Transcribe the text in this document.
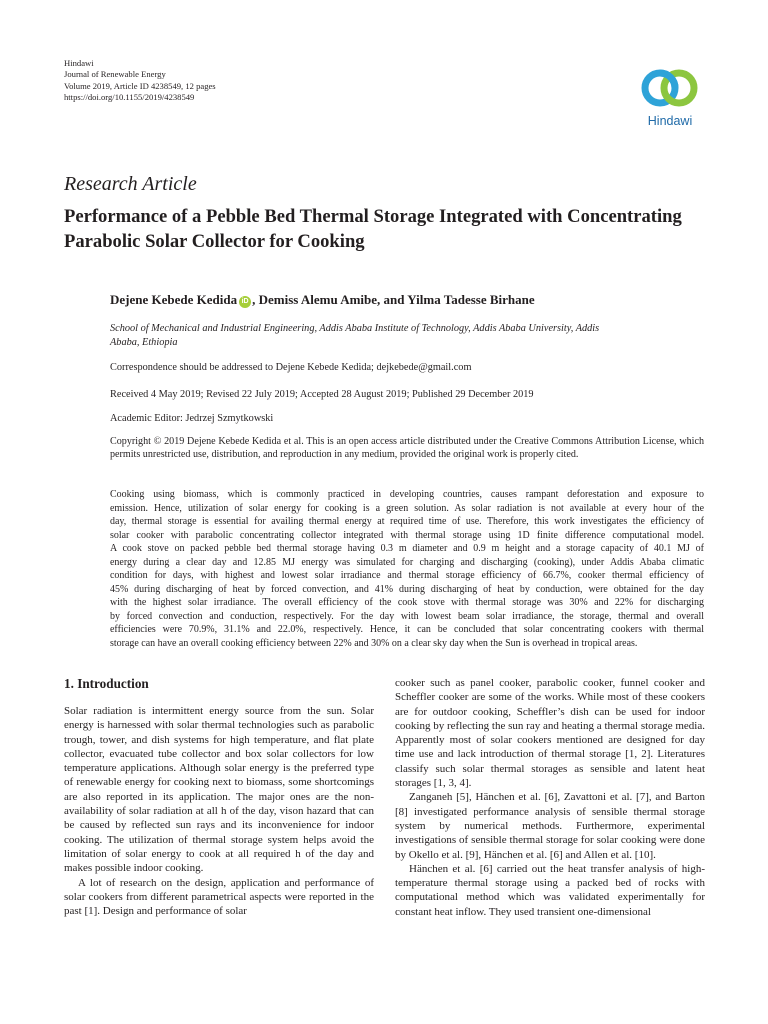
Hindawi
Journal of Renewable Energy
Volume 2019, Article ID 4238549, 12 pages
https://doi.org/10.1155/2019/4238549
Hindawi
Research Article
Performance of a Pebble Bed Thermal Storage Integrated with Concentrating Parabolic Solar Collector for Cooking
Dejene Kebede Kedida iD , Demiss Alemu Amibe, and Yilma Tadesse Birhane
School of Mechanical and Industrial Engineering, Addis Ababa Institute of Technology, Addis Ababa University, Addis Ababa, Ethiopia
Correspondence should be addressed to Dejene Kebede Kedida; dejkebede@gmail.com
Received 4 May 2019; Revised 22 July 2019; Accepted 28 August 2019; Published 29 December 2019
Academic Editor: Jedrzej Szmytkowski
Copyright © 2019 Dejene Kebede Kedida et al. This is an open access article distributed under the Creative Commons Attribution License, which permits unrestricted use, distribution, and reproduction in any medium, provided the original work is properly cited.
Cooking using biomass, which is commonly practiced in developing countries, causes rampant deforestation and exposure to
emission. Hence, utilization of solar energy for cooking is a green solution. As solar radiation is not available at every hour of the
day, thermal storage is essential for availing thermal energy at required time of use. Therefore, this work investigates the efficiency of
solar cooker with parabolic concentrating collector integrated with thermal storage using 1D finite difference computational model.
A cook stove on packed pebble bed thermal storage having 0.3 m diameter and 0.9 m height and a storage capacity of 40.1 MJ of
energy during a clear day and 12.85 MJ energy was simulated for charging and discharging (cooking), under Addis Ababa climatic
condition for days, with highest and lowest solar irradiance and thermal storage efficiency of 66.7%, cooker thermal efficiency of
45% during discharging of heat by forced convection, and 41% during discharging of heat by conduction, were obtained for the day
with the highest solar irradiance. The overall efficiency of the cook stove with thermal storage was 30% and 22% for discharging
by forced convection and conduction, respectively. For the day with lowest beam solar irradiance, the storage, thermal and overall
efficiencies were 70.9%, 31.1% and 22.0%, respectively. Hence, it can be concluded that solar concentrating cookers with thermal
storage can have an overall cooking efficiency between 22% and 30% on a clear sky day when the Sun is overhead in tropical areas.
1. Introduction

Solar radiation is intermittent energy source from the sun. Solar energy is harnessed with solar thermal technologies such as parabolic trough, tower, and dish systems for high temperature, and flat plate collector, evacuated tube collector and box solar collectors for low temperature applications. Although solar energy is the preferred type of renewable energy for cooking next to biomass, some shortcomings are also reported in its application. The major ones are the non-availability of solar radiation at all h of the day, vison hazard that can be caused by reflected sun rays and its inconvenience for indoor cooking. The utilization of thermal storage system helps avoid the limitation of solar energy to cook at all required h of the day and makes possible indoor cooking.

A lot of research on the design, application and performance of solar cookers from different parametrical aspects were reported in the past [1]. Design and performance of solar

cooker such as panel cooker, parabolic cooker, funnel cooker and Scheffler cooker are some of the works. While most of these cookers are for outdoor cooking, Scheffler’s dish can be used for indoor cooking by reflecting the sun ray and heating a thermal storage media. Apparently most of solar cookers mentioned are designed for day time use and lack introduction of thermal storage [1, 2]. Literatures classify such solar thermal storages as sensible and latent heat storages [1, 3, 4].

Zanganeh [5], Hänchen et al. [6], Zavattoni et al. [7], and Barton [8] investigated performance analysis of sensible thermal storage system by numerical methods. Furthermore, experimental investigations of sensible thermal storage for solar cooking were done by Okello et al. [9], Hänchen et al. [6] and Allen et al. [10].

Hänchen et al. [6] carried out the heat transfer analysis of high-temperature thermal storage using a packed bed of rocks with computational method which was validated experimentally for constant heat inflow. They used transient one-dimensional
